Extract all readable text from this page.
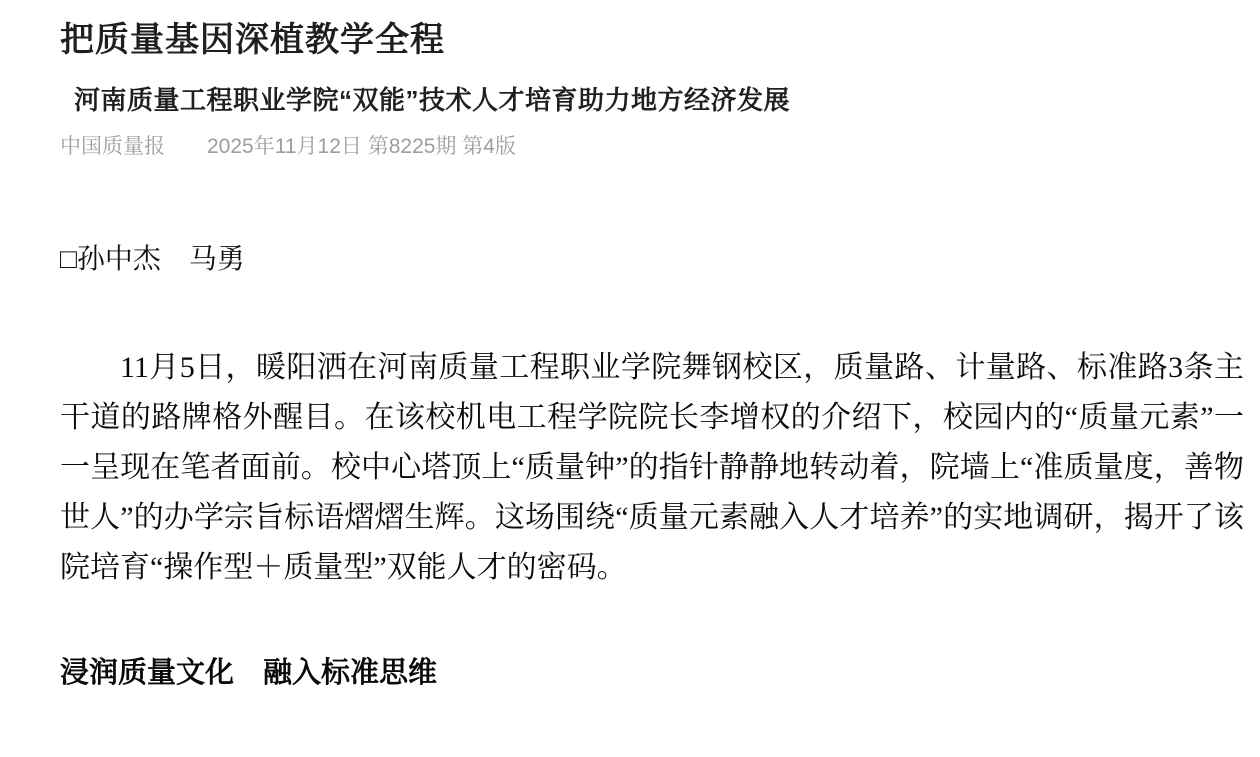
把质量基因深植教学全程
河南质量工程职业学院“双能”技术人才培育助力地方经济发展
中国质量报 2025年11月12日 第8225期 第4版
□孙中杰　马勇

11月5日，暖阳洒在河南质量工程职业学院舞钢校区，质量路、计量路、标准路3条主干道的路牌格外醒目。在该校机电工程学院院长李增权的介绍下，校园内的“质量元素”一一呈现在笔者面前。校中心塔顶上“质量钟”的指针静静地转动着，院墙上“准质量度，善物世人”的办学宗旨标语熠熠生辉。这场围绕“质量元素融入人才培养”的实地调研，揭开了该院培育“操作型＋质量型”双能人才的密码。

浸润质量文化　融入标准思维
